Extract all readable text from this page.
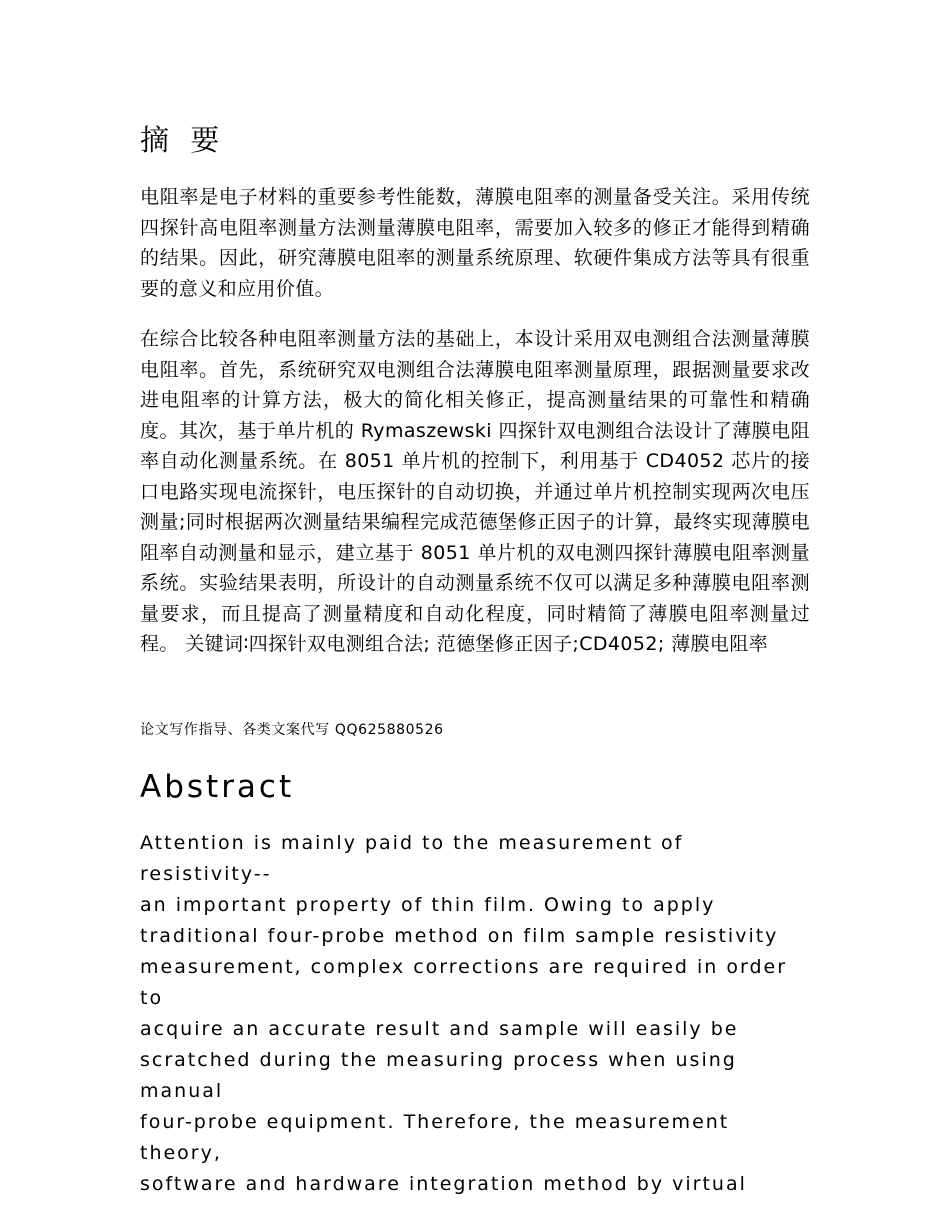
摘 要

电阻率是电子材料的重要参考性能数，薄膜电阻率的测量备受关注。采用传统四探针高电阻率测量方法测量薄膜电阻率，需要加入较多的修正才能得到精确的结果。因此，研究薄膜电阻率的测量系统原理、软硬件集成方法等具有很重要的意义和应用价值。

在综合比较各种电阻率测量方法的基础上，本设计采用双电测组合法测量薄膜电阻率。首先，系统研究双电测组合法薄膜电阻率测量原理，跟据测量要求改进电阻率的计算方法，极大的简化相关修正，提高测量结果的可靠性和精确度。其次，基于单片机的 Rymaszewski 四探针双电测组合法设计了薄膜电阻率自动化测量系统。在 8051 单片机的控制下，利用基于 CD4052 芯片的接口电路实现电流探针，电压探针的自动切换，并通过单片机控制实现两次电压测量;同时根据两次测量结果编程完成范德堡修正因子的计算，最终实现薄膜电阻率自动测量和显示，建立基于 8051 单片机的双电测四探针薄膜电阻率测量系统。实验结果表明，所设计的自动测量系统不仅可以满足多种薄膜电阻率测量要求，而且提高了测量精度和自动化程度，同时精简了薄膜电阻率测量过程。 关键词∶四探针双电测组合法; 范德堡修正因子;CD4052; 薄膜电阻率

论文写作指导、各类文案代写 QQ625880526

Abstract
Attention is mainly paid to the measurement of resistivity--
an important property of thin film. Owing to apply
traditional four-probe method on film sample resistivity
measurement, complex corrections are required in order to
acquire an accurate result and sample will easily be
scratched during the measuring process when using manual
four-probe equipment. Therefore, the measurement theory,
software and hardware integration method by virtual
